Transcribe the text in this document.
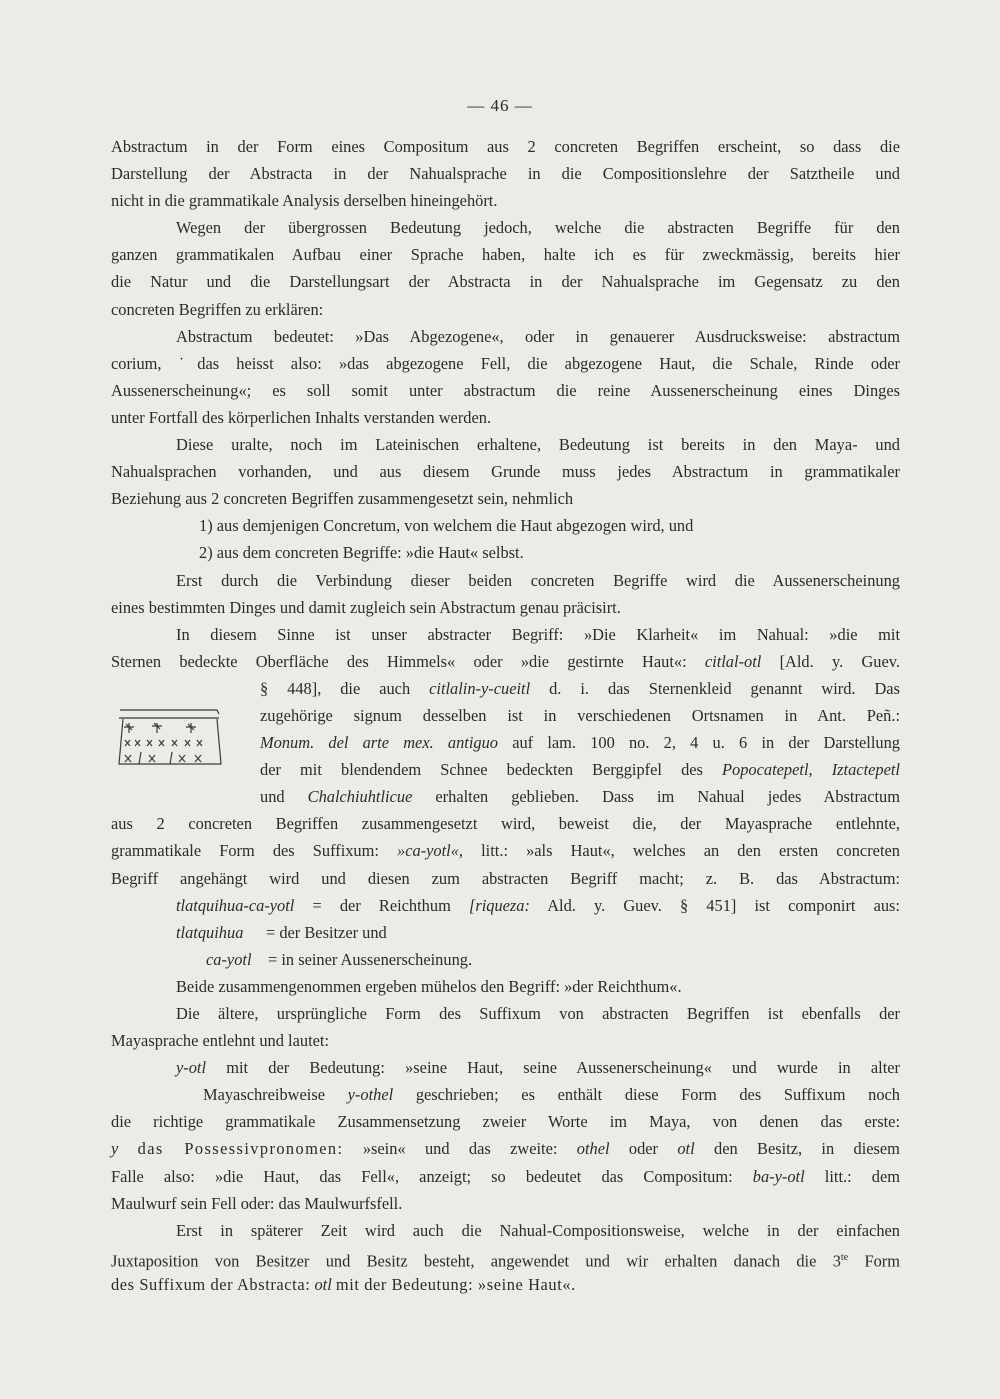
— 46 —
Abstractum in der Form eines Compositum aus 2 concreten Begriffen erscheint, so dass die
Darstellung der Abstracta in der Nahualsprache in die Compositionslehre der Satztheile und
nicht in die grammatikale Analysis derselben hineingehört.
Wegen der übergrossen Bedeutung jedoch, welche die abstracten Begriffe für den
ganzen grammatikalen Aufbau einer Sprache haben, halte ich es für zweckmässig, bereits hier
die Natur und die Darstellungsart der Abstracta in der Nahualsprache im Gegensatz zu den
concreten Begriffen zu erklären:
Abstractum bedeutet: »Das Abgezogene«, oder in genauerer Ausdrucksweise: abstractum
corium, ˙das heisst also: »das abgezogene Fell, die abgezogene Haut, die Schale, Rinde oder
Aussenerscheinung«; es soll somit unter abstractum die reine Aussenerscheinung eines Dinges
unter Fortfall des körperlichen Inhalts verstanden werden.
Diese uralte, noch im Lateinischen erhaltene, Bedeutung ist bereits in den Maya- und
Nahualsprachen vorhanden, und aus diesem Grunde muss jedes Abstractum in grammatikaler
Beziehung aus 2 concreten Begriffen zusammengesetzt sein, nehmlich
1) aus demjenigen Concretum, von welchem die Haut abgezogen wird, und
2) aus dem concreten Begriffe: »die Haut« selbst.
Erst durch die Verbindung dieser beiden concreten Begriffe wird die Aussenerscheinung
eines bestimmten Dinges und damit zugleich sein Abstractum genau präcisirt.
In diesem Sinne ist unser abstracter Begriff: »Die Klarheit« im Nahual: »die mit
Sternen bedeckte Oberfläche des Himmels« oder »die gestirnte Haut«: citlal-otl [Ald. y. Guev.
§ 448], die auch citlalin-y-cueitl d. i. das Sternenkleid genannt wird. Das
zugehörige signum desselben ist in verschiedenen Ortsnamen in Ant. Peñ.:
Monum. del arte mex. antiguo auf lam. 100 no. 2, 4 u. 6 in der Darstellung
der mit blendendem Schnee bedeckten Berggipfel des Popocatepetl, Iztactepetl
und Chalchiuhtlicue erhalten geblieben. Dass im Nahual jedes Abstractum
aus 2 concreten Begriffen zusammengesetzt wird, beweist die, der Mayasprache entlehnte,
grammatikale Form des Suffixum: »ca-yotl«, litt.: »als Haut«, welches an den ersten concreten
Begriff angehängt wird und diesen zum abstracten Begriff macht; z. B. das Abstractum:
tlatquihua-ca-yotl = der Reichthum [riqueza: Ald. y. Guev. § 451] ist componirt aus:
tlatquihua = der Besitzer und
ca-yotl = in seiner Aussenerscheinung.
Beide zusammengenommen ergeben mühelos den Begriff: »der Reichthum«.
Die ältere, ursprüngliche Form des Suffixum von abstracten Begriffen ist ebenfalls der
Mayasprache entlehnt und lautet:
y-otl mit der Bedeutung: »seine Haut, seine Aussenerscheinung« und wurde in alter
Mayaschreibweise y-othel geschrieben; es enthält diese Form des Suffixum noch
die richtige grammatikale Zusammensetzung zweier Worte im Maya, von denen das erste:
y das Possessivpronomen: »sein« und das zweite: othel oder otl den Besitz, in diesem
Falle also: »die Haut, das Fell«, anzeigt; so bedeutet das Compositum: ba-y-otl litt.: dem
Maulwurf sein Fell oder: das Maulwurfsfell.
Erst in späterer Zeit wird auch die Nahual-Compositionsweise, welche in der einfachen
Juxtaposition von Besitzer und Besitz besteht, angewendet und wir erhalten danach die $3^{te}$ Form
des Suffixum der Abstracta: otl mit der Bedeutung: »seine Haut«.
